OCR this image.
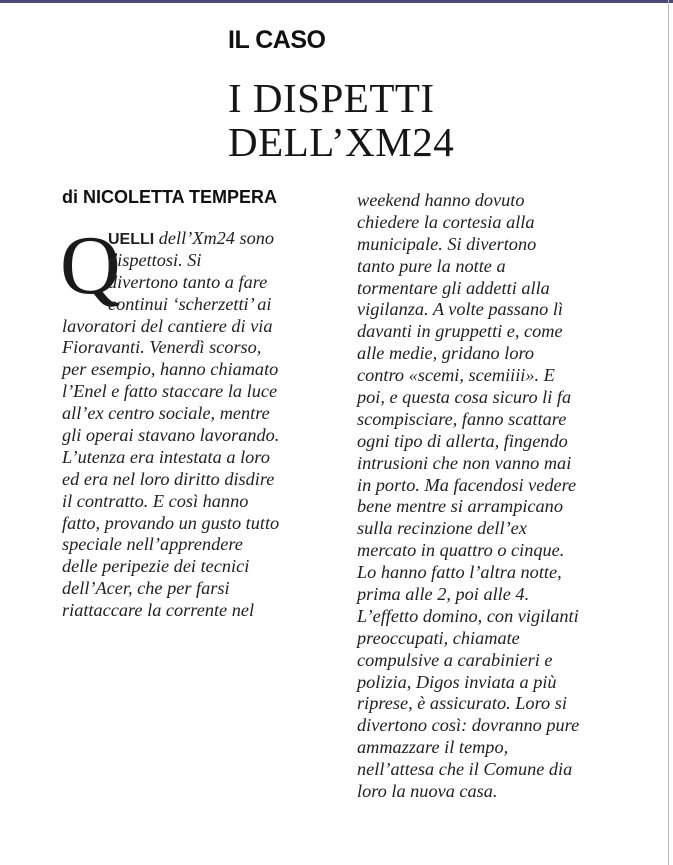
IL CASO
I DISPETTI
DELL’XM24
di NICOLETTA TEMPERA
Q
UELLI dell’Xm24 sono
dispettosi. Si
divertono tanto a fare
continui ‘scherzetti’ ai
lavoratori del cantiere di via
Fioravanti. Venerdì scorso,
per esempio, hanno chiamato
l’Enel e fatto staccare la luce
all’ex centro sociale, mentre
gli operai stavano lavorando.
L’utenza era intestata a loro
ed era nel loro diritto disdire
il contratto. E così hanno
fatto, provando un gusto tutto
speciale nell’apprendere
delle peripezie dei tecnici
dell’Acer, che per farsi
riattaccare la corrente nel
weekend hanno dovuto
chiedere la cortesia alla
municipale. Si divertono
tanto pure la notte a
tormentare gli addetti alla
vigilanza. A volte passano lì
davanti in gruppetti e, come
alle medie, gridano loro
contro «scemi, scemiiii». E
poi, e questa cosa sicuro li fa
scompisciare, fanno scattare
ogni tipo di allerta, fingendo
intrusioni che non vanno mai
in porto. Ma facendosi vedere
bene mentre si arrampicano
sulla recinzione dell’ex
mercato in quattro o cinque.
Lo hanno fatto l’altra notte,
prima alle 2, poi alle 4.
L’effetto domino, con vigilanti
preoccupati, chiamate
compulsive a carabinieri e
polizia, Digos inviata a più
riprese, è assicurato. Loro si
divertono così: dovranno pure
ammazzare il tempo,
nell’attesa che il Comune dia
loro la nuova casa.
